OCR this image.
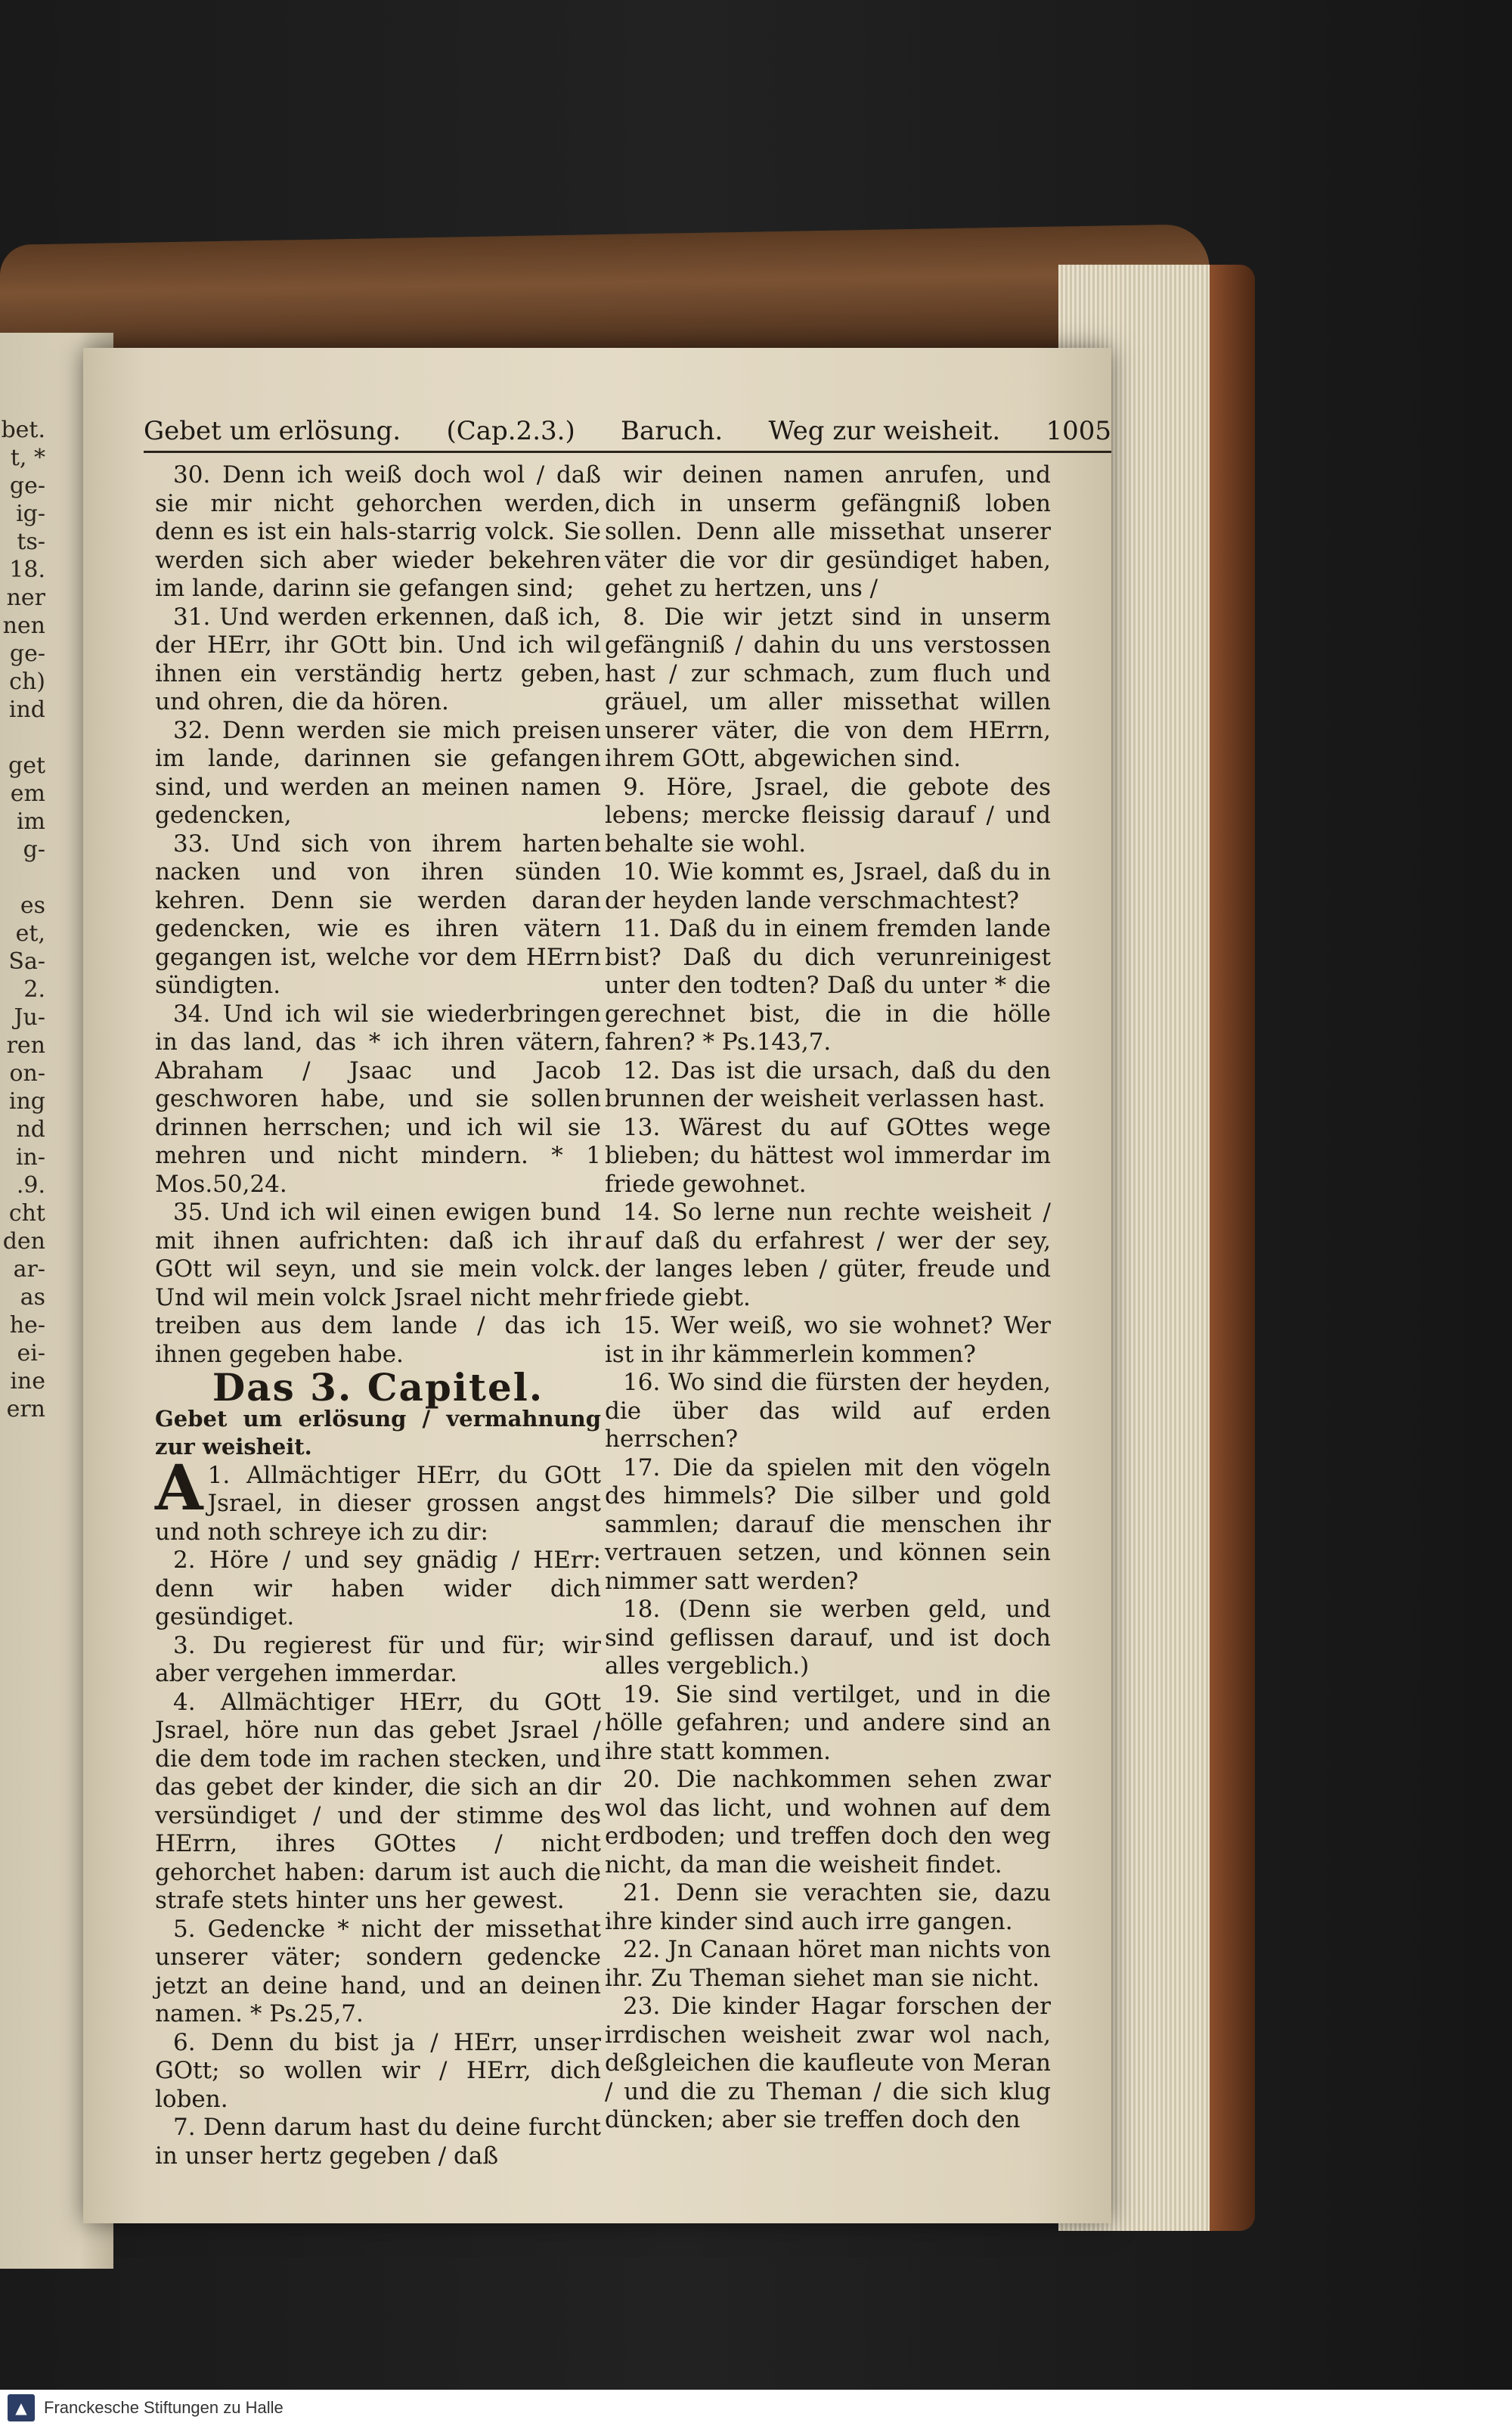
bet.
t, *
ge-
ig-
ts-
18.
ner
nen
ge-
ch)
ind

get
em
im
g-

es
et,
Sa-
2.
Ju-
ren
on-
ing
nd
in-
.9.
cht
den
ar-
as
he-
ei-
ine
ern
Gebet um erlösung. (Cap.2.3.) Baruch. Weg zur weisheit. 1005

30. Denn ich weiß doch wol / daß sie mir nicht gehorchen werden, denn es ist ein hals-starrig volck. Sie werden sich aber wieder bekehren im lande, darinn sie gefangen sind;

31. Und werden erkennen, daß ich, der HErr, ihr GOtt bin. Und ich wil ihnen ein verständig hertz geben, und ohren, die da hören.

32. Denn werden sie mich preisen im lande, darinnen sie gefangen sind, und werden an meinen namen gedencken,

33. Und sich von ihrem harten nacken und von ihren sünden kehren. Denn sie werden daran gedencken, wie es ihren vätern gegangen ist, welche vor dem HErrn sündigten.

34. Und ich wil sie wiederbringen in das land, das * ich ihren vätern, Abraham / Jsaac und Jacob geschworen habe, und sie sollen drinnen herrschen; und ich wil sie mehren und nicht mindern. * 1 Mos.50,24.

35. Und ich wil einen ewigen bund mit ihnen aufrichten: daß ich ihr GOtt wil seyn, und sie mein volck. Und wil mein volck Jsrael nicht mehr treiben aus dem lande / das ich ihnen gegeben habe.

Das 3. Capitel.

Gebet um erlösung / vermahnung zur weisheit.

A 1. Allmächtiger HErr, du GOtt Jsrael, in dieser grossen angst und noth schreye ich zu dir:

2. Höre / und sey gnädig / HErr: denn wir haben wider dich gesündiget.

3. Du regierest für und für; wir aber vergehen immerdar.

4. Allmächtiger HErr, du GOtt Jsrael, höre nun das gebet Jsrael / die dem tode im rachen stecken, und das gebet der kinder, die sich an dir versündiget / und der stimme des HErrn, ihres GOttes / nicht gehorchet haben: darum ist auch die strafe stets hinter uns her gewest.

5. Gedencke * nicht der missethat unserer väter; sondern gedencke jetzt an deine hand, und an deinen namen. * Ps.25,7.

6. Denn du bist ja / HErr, unser GOtt; so wollen wir / HErr, dich loben.

7. Denn darum hast du deine furcht in unser hertz gegeben / daß

wir deinen namen anrufen, und dich in unserm gefängniß loben sollen. Denn alle missethat unserer väter die vor dir gesündiget haben, gehet zu hertzen, uns /

8. Die wir jetzt sind in unserm gefängniß / dahin du uns verstossen hast / zur schmach, zum fluch und gräuel, um aller missethat willen unserer väter, die von dem HErrn, ihrem GOtt, abgewichen sind.

9. Höre, Jsrael, die gebote des lebens; mercke fleissig darauf / und behalte sie wohl.

10. Wie kommt es, Jsrael, daß du in der heyden lande verschmachtest?

11. Daß du in einem fremden lande bist? Daß du dich verunreinigest unter den todten? Daß du unter * die gerechnet bist, die in die hölle fahren? * Ps.143,7.

12. Das ist die ursach, daß du den brunnen der weisheit verlassen hast.

13. Wärest du auf GOttes wege blieben; du hättest wol immerdar im friede gewohnet.

14. So lerne nun rechte weisheit / auf daß du erfahrest / wer der sey, der langes leben / güter, freude und friede giebt.

15. Wer weiß, wo sie wohnet? Wer ist in ihr kämmerlein kommen?

16. Wo sind die fürsten der heyden, die über das wild auf erden herrschen?

17. Die da spielen mit den vögeln des himmels? Die silber und gold sammlen; darauf die menschen ihr vertrauen setzen, und können sein nimmer satt werden?

18. (Denn sie werben geld, und sind geflissen darauf, und ist doch alles vergeblich.)

19. Sie sind vertilget, und in die hölle gefahren; und andere sind an ihre statt kommen.

20. Die nachkommen sehen zwar wol das licht, und wohnen auf dem erdboden; und treffen doch den weg nicht, da man die weisheit findet.

21. Denn sie verachten sie, dazu ihre kinder sind auch irre gangen.

22. Jn Canaan höret man nichts von ihr. Zu Theman siehet man sie nicht.

23. Die kinder Hagar forschen der irrdischen weisheit zwar wol nach, deßgleichen die kaufleute von Meran / und die zu Theman / die sich klug düncken; aber sie treffen doch den

▲	Franckesche Stiftungen zu Halle
